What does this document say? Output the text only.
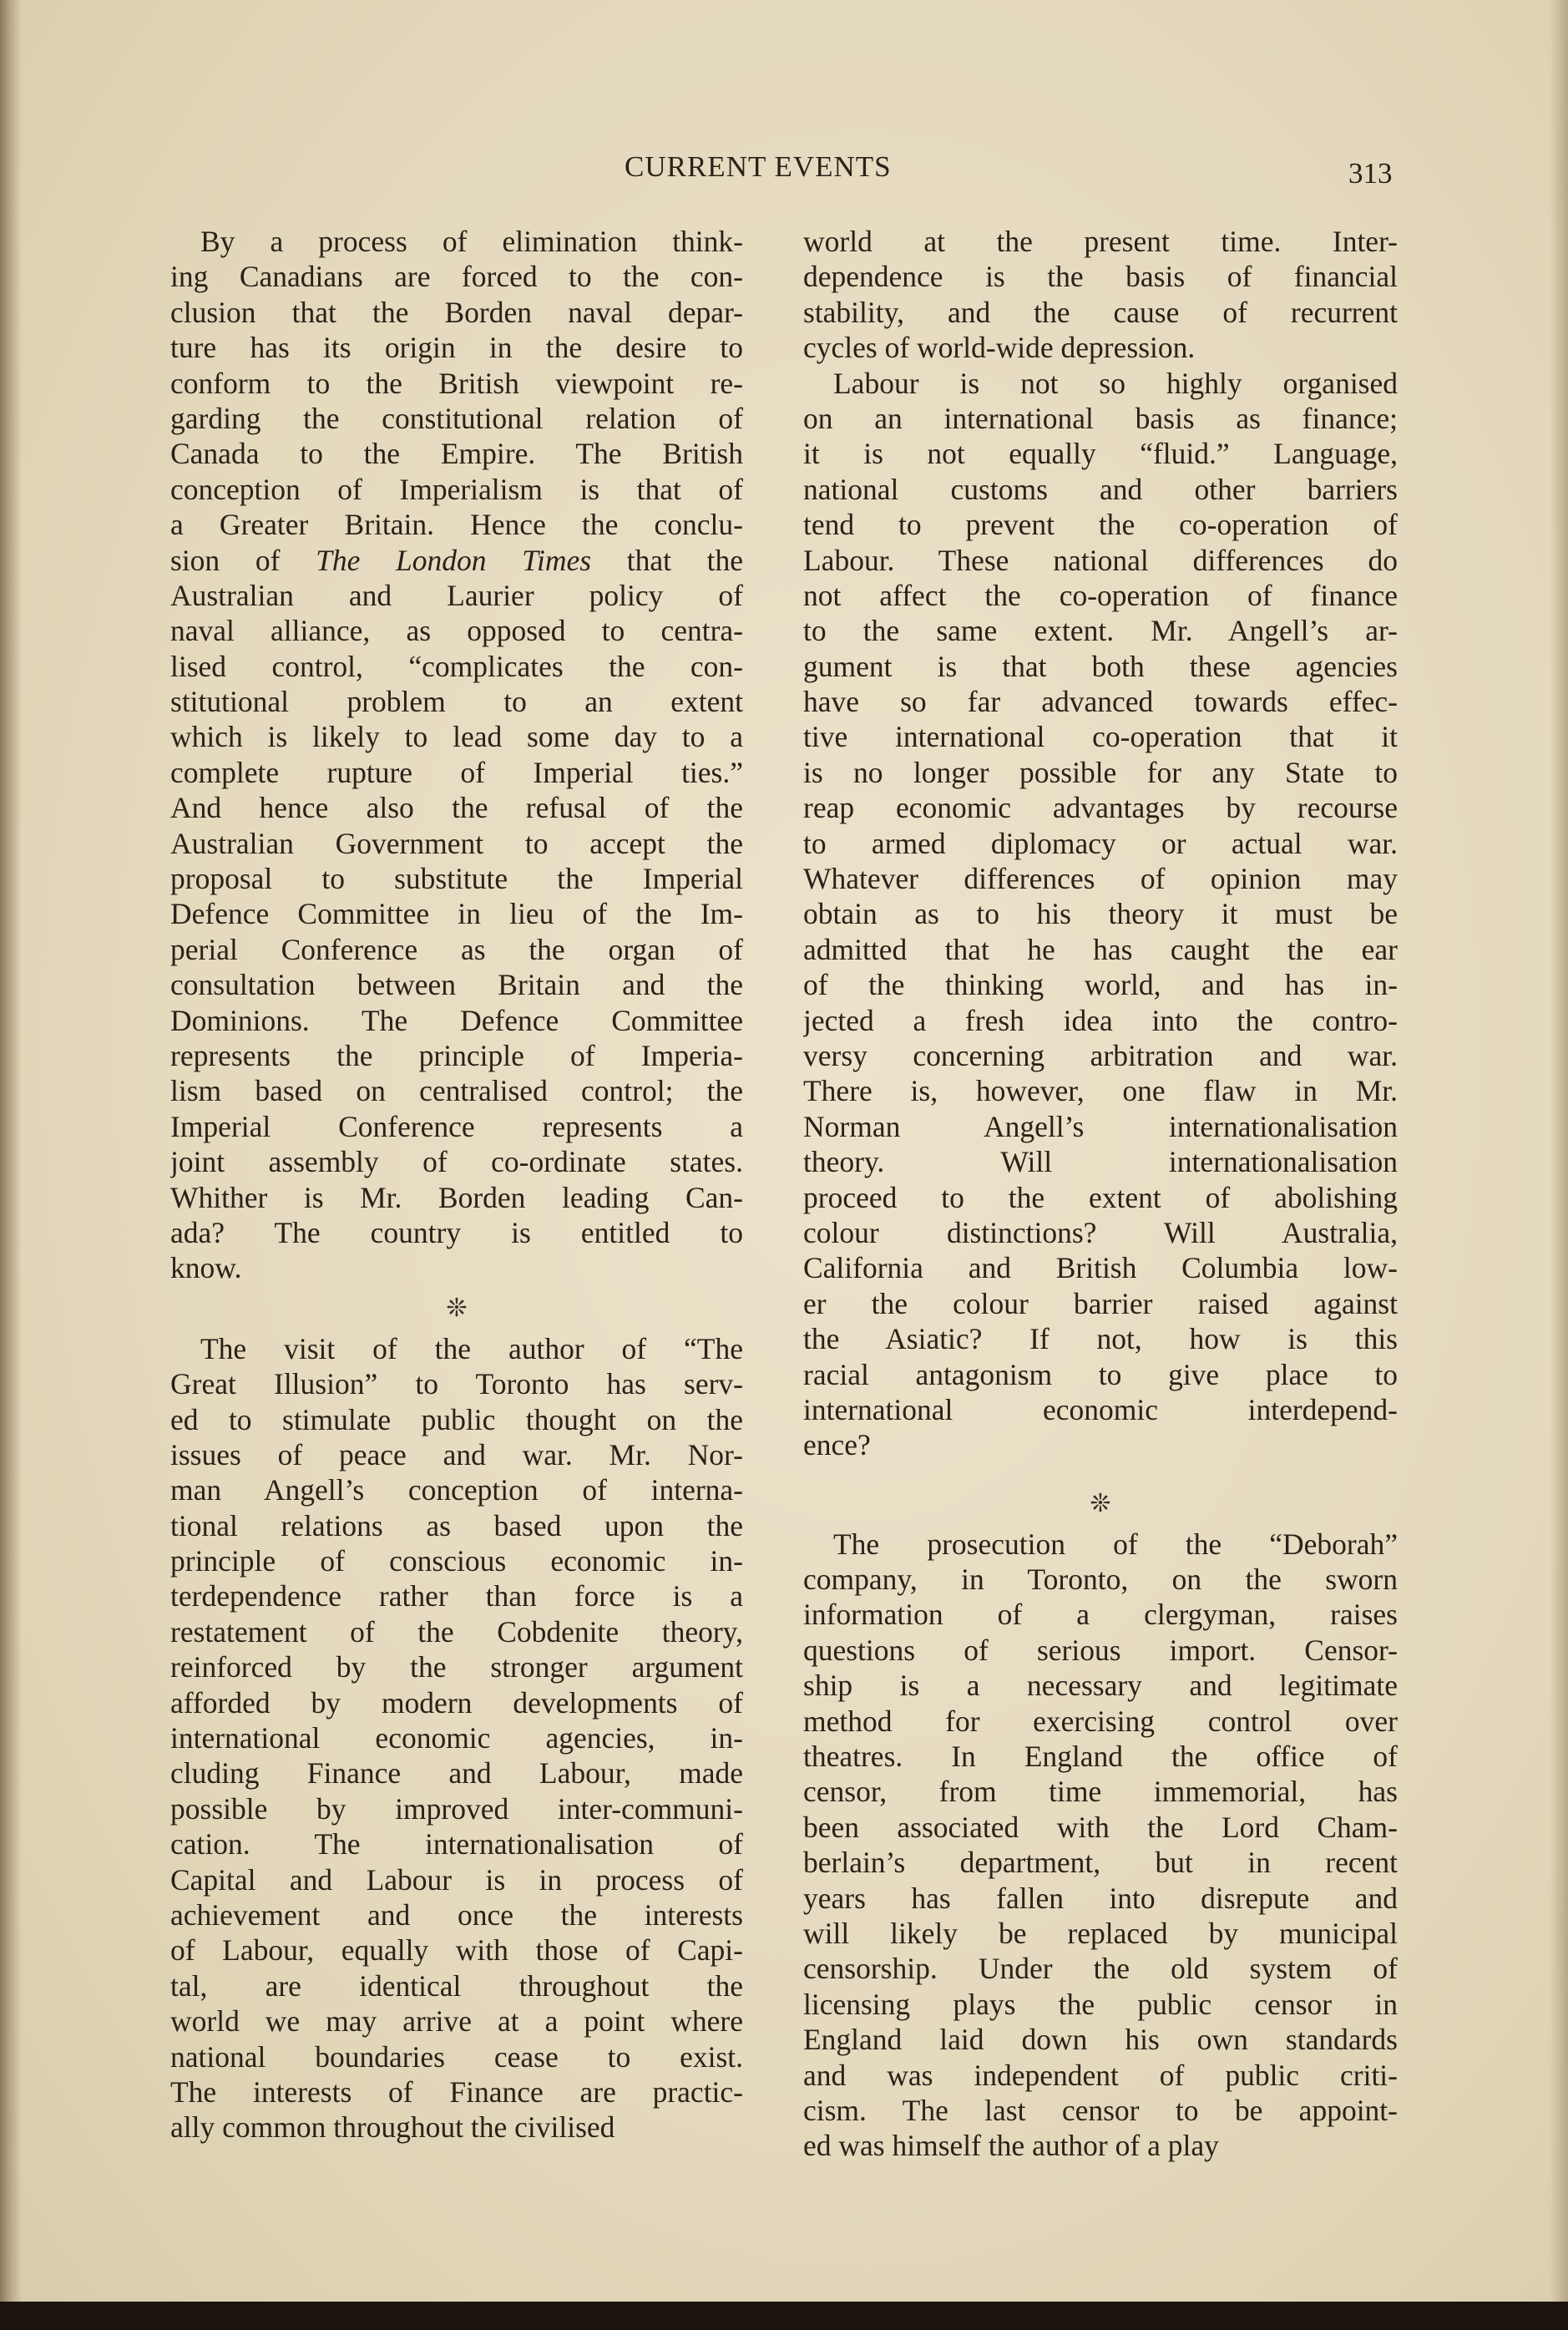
CURRENT EVENTS	313
By a process of elimination think-
ing Canadians are forced to the con-
clusion that the Borden naval depar-
ture has its origin in the desire to
conform to the British viewpoint re-
garding the constitutional relation of
Canada to the Empire. The British
conception of Imperialism is that of
a Greater Britain. Hence the conclu-
sion of The London Times that the
Australian and Laurier policy of
naval alliance, as opposed to centra-
lised control, “complicates the con-
stitutional problem to an extent
which is likely to lead some day to a
complete rupture of Imperial ties.”
And hence also the refusal of the
Australian Government to accept the
proposal to substitute the Imperial
Defence Committee in lieu of the Im-
perial Conference as the organ of
consultation between Britain and the
Dominions. The Defence Committee
represents the principle of Imperia-
lism based on centralised control; the
Imperial Conference represents a
joint assembly of co-ordinate states.
Whither is Mr. Borden leading Can-
ada? The country is entitled to
know.
❊
The visit of the author of “The
Great Illusion” to Toronto has serv-
ed to stimulate public thought on the
issues of peace and war. Mr. Nor-
man Angell’s conception of interna-
tional relations as based upon the
principle of conscious economic in-
terdependence rather than force is a
restatement of the Cobdenite theory,
reinforced by the stronger argument
afforded by modern developments of
international economic agencies, in-
cluding Finance and Labour, made
possible by improved inter-communi-
cation. The internationalisation of
Capital and Labour is in process of
achievement and once the interests
of Labour, equally with those of Capi-
tal, are identical throughout the
world we may arrive at a point where
national boundaries cease to exist.
The interests of Finance are practic-
ally common throughout the civilised
world at the present time. Inter-
dependence is the basis of financial
stability, and the cause of recurrent
cycles of world-wide depression.
Labour is not so highly organised
on an international basis as finance;
it is not equally “fluid.” Language,
national customs and other barriers
tend to prevent the co-operation of
Labour. These national differences do
not affect the co-operation of finance
to the same extent. Mr. Angell’s ar-
gument is that both these agencies
have so far advanced towards effec-
tive international co-operation that it
is no longer possible for any State to
reap economic advantages by recourse
to armed diplomacy or actual war.
Whatever differences of opinion may
obtain as to his theory it must be
admitted that he has caught the ear
of the thinking world, and has in-
jected a fresh idea into the contro-
versy concerning arbitration and war.
There is, however, one flaw in Mr.
Norman Angell’s internationalisation
theory. Will internationalisation
proceed to the extent of abolishing
colour distinctions? Will Australia,
California and British Columbia low-
er the colour barrier raised against
the Asiatic? If not, how is this
racial antagonism to give place to
international economic interdepend-
ence?
❊
The prosecution of the “Deborah”
company, in Toronto, on the sworn
information of a clergyman, raises
questions of serious import. Censor-
ship is a necessary and legitimate
method for exercising control over
theatres. In England the office of
censor, from time immemorial, has
been associated with the Lord Cham-
berlain’s department, but in recent
years has fallen into disrepute and
will likely be replaced by municipal
censorship. Under the old system of
licensing plays the public censor in
England laid down his own standards
and was independent of public criti-
cism. The last censor to be appoint-
ed was himself the author of a play
